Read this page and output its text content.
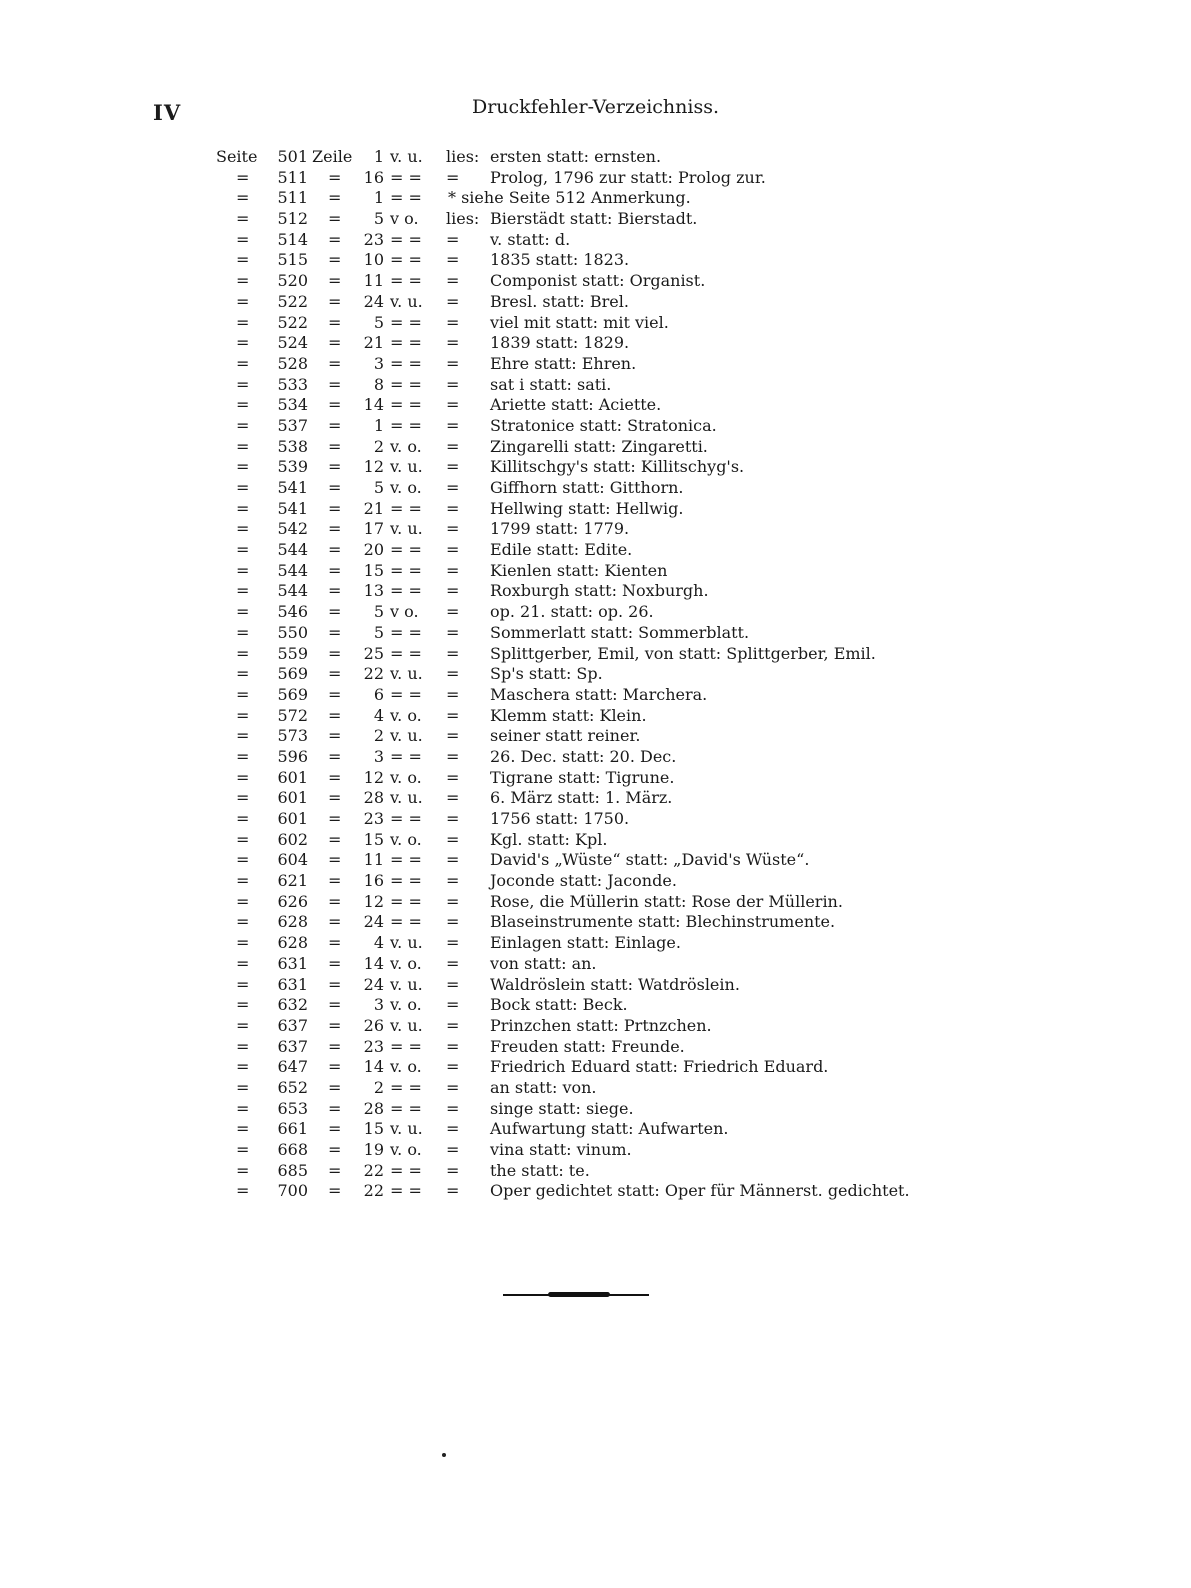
IV	Druckfehler-Verzeichniss.
Seite	501 Zeile	1 v. u.	lies: ersten statt: ernsten.
=	511 =	16 = =	=	Prolog, 1796 zur statt: Prolog zur.
=	511 =	1 = =	* siehe Seite 512 Anmerkung.
=	512 =	5 v o.	lies: Bierstädt statt: Bierstadt.
=	514 =	23 = =	=	v. statt: d.
=	515 =	10 = =	=	1835 statt: 1823.
=	520 =	11 = =	=	Componist statt: Organist.
=	522 =	24 v. u.	=	Bresl. statt: Brel.
=	522 =	5 = =	=	viel mit statt: mit viel.
=	524 =	21 = =	=	1839 statt: 1829.
=	528 =	3 = =	=	Ehre statt: Ehren.
=	533 =	8 = =	=	sat i statt: sati.
=	534 =	14 = =	=	Ariette statt: Aciette.
=	537 =	1 = =	=	Stratonice statt: Stratonica.
=	538 =	2 v. o.	=	Zingarelli statt: Zingaretti.
=	539 =	12 v. u.	=	Killitschgy's statt: Killitschyg's.
=	541 =	5 v. o.	=	Giffhorn statt: Gitthorn.
=	541 =	21 = =	=	Hellwing statt: Hellwig.
=	542 =	17 v. u.	=	1799 statt: 1779.
=	544 =	20 = =	=	Edile statt: Edite.
=	544 =	15 = =	=	Kienlen statt: Kienten
=	544 =	13 = =	=	Roxburgh statt: Noxburgh.
=	546 =	5 v o.	=	op. 21. statt: op. 26.
=	550 =	5 = =	=	Sommerlatt statt: Sommerblatt.
=	559 =	25 = =	=	Splittgerber, Emil, von statt: Splittgerber, Emil.
=	569 =	22 v. u.	=	Sp's statt: Sp.
=	569 =	6 = =	=	Maschera statt: Marchera.
=	572 =	4 v. o.	=	Klemm statt: Klein.
=	573 =	2 v. u.	=	seiner statt reiner.
=	596 =	3 = =	=	26. Dec. statt: 20. Dec.
=	601 =	12 v. o.	=	Tigrane statt: Tigrune.
=	601 =	28 v. u.	=	6. März statt: 1. März.
=	601 =	23 = =	=	1756 statt: 1750.
=	602 =	15 v. o.	=	Kgl. statt: Kpl.
=	604 =	11 = =	=	David's „Wüste“ statt: „David's Wüste“.
=	621 =	16 = =	=	Joconde statt: Jaconde.
=	626 =	12 = =	=	Rose, die Müllerin statt: Rose der Müllerin.
=	628 =	24 = =	=	Blaseinstrumente statt: Blechinstrumente.
=	628 =	4 v. u.	=	Einlagen statt: Einlage.
=	631 =	14 v. o.	=	von statt: an.
=	631 =	24 v. u.	=	Waldröslein statt: Watdröslein.
=	632 =	3 v. o.	=	Bock statt: Beck.
=	637 =	26 v. u.	=	Prinzchen statt: Prtnzchen.
=	637 =	23 = =	=	Freuden statt: Freunde.
=	647 =	14 v. o.	=	Friedrich Eduard statt: Friedrich Eduard.
=	652 =	2 = =	=	an statt: von.
=	653 =	28 = =	=	singe statt: siege.
=	661 =	15 v. u.	=	Aufwartung statt: Aufwarten.
=	668 =	19 v. o.	=	vina statt: vinum.
=	685 =	22 = =	=	the statt: te.
=	700 =	22 = =	=	Oper gedichtet statt: Oper für Männerst. gedichtet.
